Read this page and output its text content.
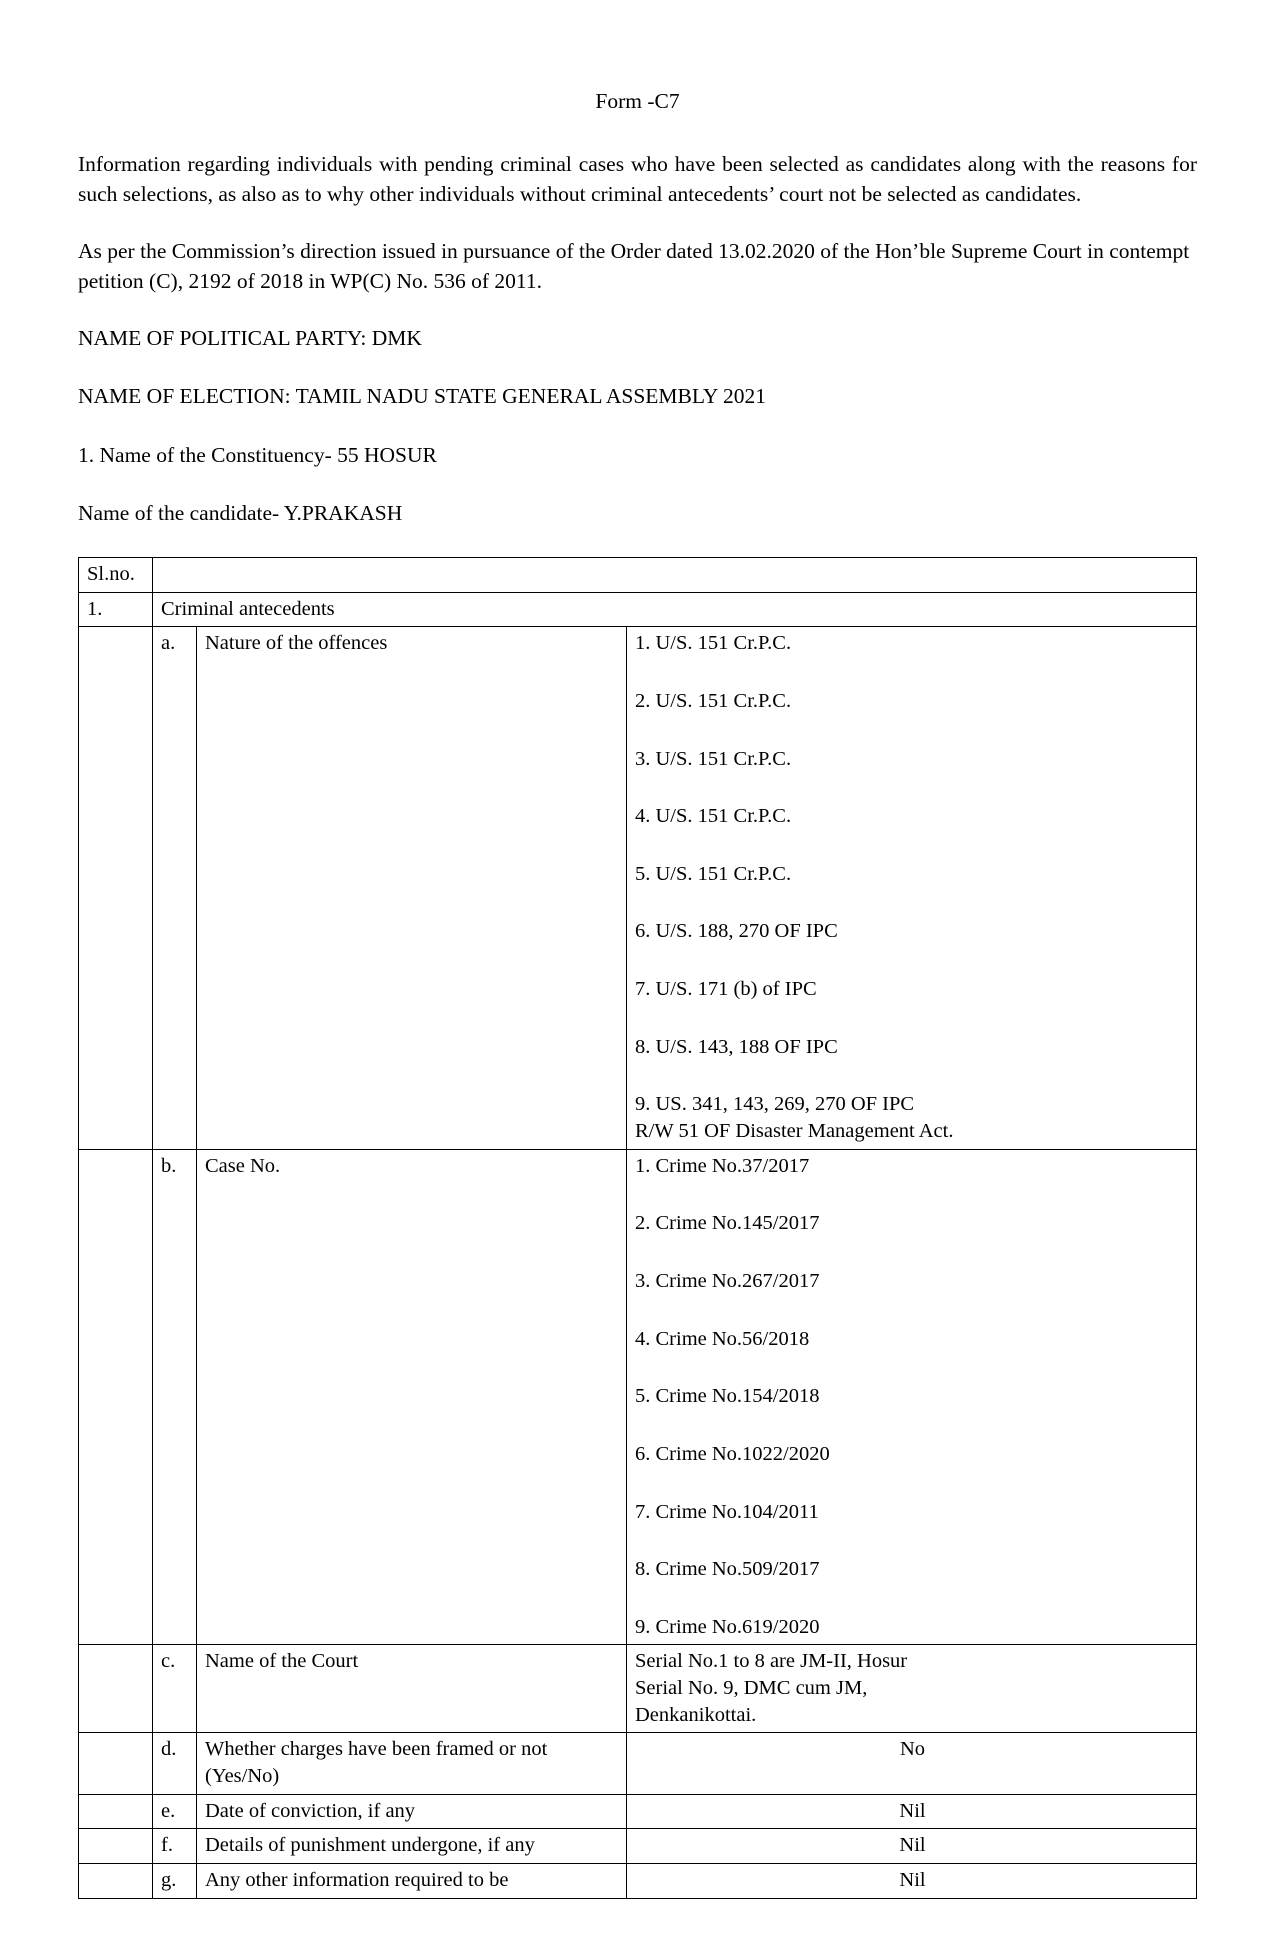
Form -C7

Information regarding individuals with pending criminal cases who have been selected as candidates along with the reasons for such selections, as also as to why other individuals without criminal antecedents’ court not be selected as candidates.

As per the Commission’s direction issued in pursuance of the Order dated 13.02.2020 of the Hon’ble Supreme Court in contempt petition (C), 2192 of 2018 in WP(C) No. 536 of 2011.

NAME OF POLITICAL PARTY: DMK

NAME OF ELECTION: TAMIL NADU STATE GENERAL ASSEMBLY 2021

1. Name of the Constituency- 55 HOSUR

Name of the candidate- Y.PRAKASH

Sl.no.			
1.	Criminal antecedents		
	a.	Nature of the offences	1. U/S. 151 Cr.P.C.

2. U/S. 151 Cr.P.C.

3. U/S. 151 Cr.P.C.

4. U/S. 151 Cr.P.C.

5. U/S. 151 Cr.P.C.

6. U/S. 188, 270 OF IPC

7. U/S. 171 (b) of IPC

8. U/S. 143, 188 OF IPC

9. US. 341, 143, 269, 270 OF IPC

R/W 51 OF Disaster Management Act.

	b.	Case No.	1. Crime No.37/2017

2. Crime No.145/2017

3. Crime No.267/2017

4. Crime No.56/2018

5. Crime No.154/2018

6. Crime No.1022/2020

7. Crime No.104/2011

8. Crime No.509/2017

9. Crime No.619/2020

	c.	Name of the Court	Serial No.1 to 8 are JM-II, Hosur

Serial No. 9, DMC cum JM,

Denkanikottai.

	d.	Whether charges have been framed or not (Yes/No)	No
	e.	Date of conviction, if any	Nil
	f.	Details of punishment undergone, if any	Nil
	g.	Any other information required to be	Nil
